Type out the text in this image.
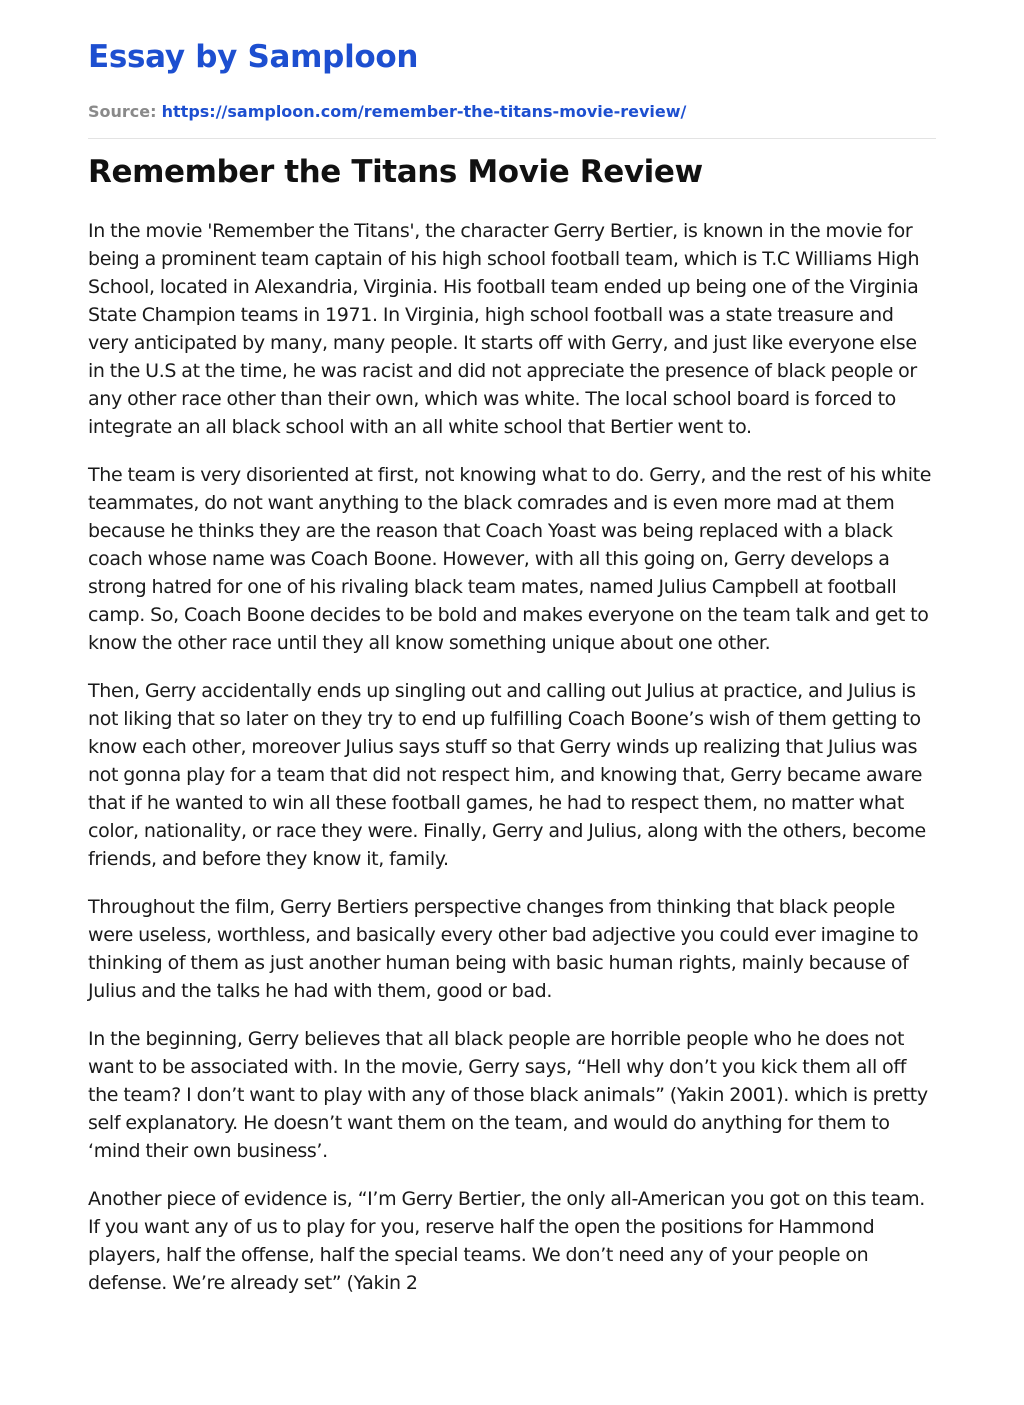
Essay by Samploon
Source: https://samploon.com/remember-the-titans-movie-review/
Remember the Titans Movie Review

In the movie 'Remember the Titans', the character Gerry Bertier, is known in the movie for being a prominent team captain of his high school football team, which is T.C Williams High School, located in Alexandria, Virginia. His football team ended up being one of the Virginia State Champion teams in 1971. In Virginia, high school football was a state treasure and very anticipated by many, many people. It starts off with Gerry, and just like everyone else in the U.S at the time, he was racist and did not appreciate the presence of black people or any other race other than their own, which was white. The local school board is forced to integrate an all black school with an all white school that Bertier went to.

The team is very disoriented at first, not knowing what to do. Gerry, and the rest of his white teammates, do not want anything to the black comrades and is even more mad at them because he thinks they are the reason that Coach Yoast was being replaced with a black coach whose name was Coach Boone. However, with all this going on, Gerry develops a strong hatred for one of his rivaling black team mates, named Julius Campbell at football camp. So, Coach Boone decides to be bold and makes everyone on the team talk and get to know the other race until they all know something unique about one other.

Then, Gerry accidentally ends up singling out and calling out Julius at practice, and Julius is not liking that so later on they try to end up fulfilling Coach Boone’s wish of them getting to know each other, moreover Julius says stuff so that Gerry winds up realizing that Julius was not gonna play for a team that did not respect him, and knowing that, Gerry became aware that if he wanted to win all these football games, he had to respect them, no matter what color, nationality, or race they were. Finally, Gerry and Julius, along with the others, become friends, and before they know it, family.

Throughout the film, Gerry Bertiers perspective changes from thinking that black people were useless, worthless, and basically every other bad adjective you could ever imagine to thinking of them as just another human being with basic human rights, mainly because of Julius and the talks he had with them, good or bad.

In the beginning, Gerry believes that all black people are horrible people who he does not want to be associated with. In the movie, Gerry says, “Hell why don’t you kick them all off the team? I don’t want to play with any of those black animals” (Yakin 2001). which is pretty self explanatory. He doesn’t want them on the team, and would do anything for them to ‘mind their own business’.

Another piece of evidence is, “I’m Gerry Bertier, the only all-American you got on this team. If you want any of us to play for you, reserve half the open the positions for Hammond players, half the offense, half the special teams. We don’t need any of your people on defense. We’re already set” (Yakin 2
